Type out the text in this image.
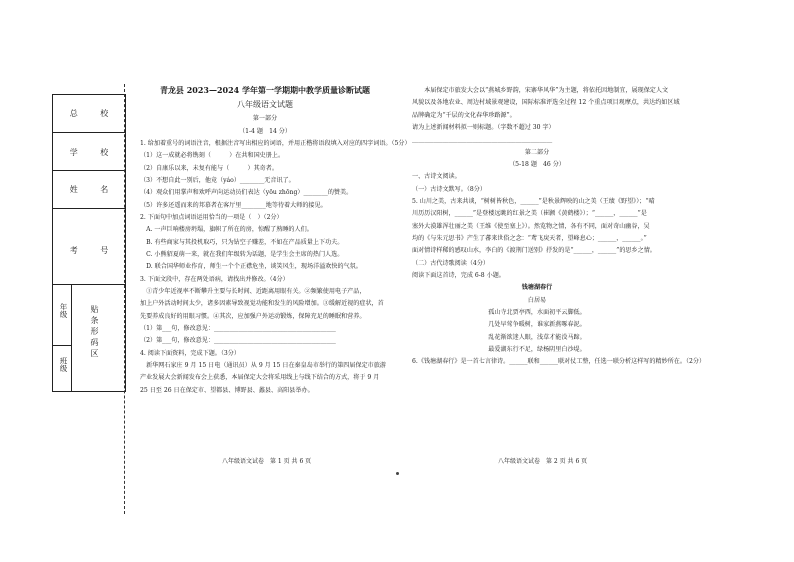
总 校
学 校
姓 名
考 号
年级
班级
贴条形码区

青龙县 2023—2024 学年第一学期期中教学质量诊断试题

八年级语文试题

第一部分

（1-4 题　14 分）

1. 给加着重号的词语注音，根据注音写出相应的词语，并用正楷将语段填入对应的四字词语。（5分）

（1）这一成就必将镌刻（　　　）在共和国史册上。

（2）自康乐以来，未复有能与（　　　）其奇者。

（3）不想自此一别后，他竟（yáo）________无音讯了。

（4）观众们用掌声和欢呼声向运动员们表达（yōu zhōng）________的赞美。

（5）许多还遥而来的邦慕者在客厅里________地等待着大师的接见。

2. 下面句中加点词语运用恰当的一项是（　）（2分）

　A. 一声巨响楼房坍塌，旗帜了所在的房，惊醒了熟睡的人们。

　B. 有些商家与其投机取巧，只为钻空子赚差，不如在产品质量上下功夫。

　C. 小熊貂夏萌一来，就在我们年级转为话题，是学生会主席的热门人选。

　D. 联合国华师业作育，师生一个个正襟危坐，谈笑风生，现场洋溢欢快的气氛。

3. 下面文段中，存在两处语病，请找出并修改。（4分）

　①青少年近视率不断攀升主要与长时间、近距离用眼有关。②频繁使用电子产品，

加上户外活动时间太少，诸多因素导致视觉功能和发生的风险增加。③缓解近视的症状，首

先要养成良好的用眼习惯。④其次，应加强户外运动锻炼，保障充足的睡眠和营养。

（1）第___句，修改意见：________________________________________

（2）第___句，修改意见：________________________________________

4. 阅读下面资料，完成下题。（3分）

　新华网石家庄 9 月 15 日电（通讯员）从 9 月 15 日在秦皇岛市举行的第四届保定市旅游

产业发展大会新闻发布会上获悉，本届保定大会将采用线上与线下结合的方式，将于 9 月

25 日至 26 日在保定市、望都县、博野县、蠡县、高阳县举办。

八年级语文试卷　第 1 页 共 6 页

　　本届保定市旅发大会以“燕城乡野韵，宋寨华风华”为主题，将依托因地制宜，展现保定人文

风貌以及各地农业、周边村域景观建设，国际标准评选全过程 12 个重点项目观摩点，共达约如区域

品牌确定为“千层的文化春华珍路源”。

请为上述新闻材料拟一则标题。（字数不超过 30 字）

______________________________________________

第二部分

（5-18 题　46 分）

一、古诗文阅读。

（一）古诗文默写。（8分）

5. 山川之美，古来共谈，“树树皆秋色，______”是秋景辉映的山之美（王绩《野望》）；“晴

川历历汉阳树，______”是登楼远眺的红景之美（崔颢《黄鹤楼》）；“______，______”是

塞外大漠雄浑壮丽之美（王维《使至塞上》）。然览物之情，各有不同，面对奇山幽谷，吴

均的《与朱元思书》产生了蕃来世俗之念：“鸢飞戾天者，望峰息心；______，______。”

面对情诗样稀的感叹山水，李白的《渡荆门送别》抒发的是“______，______”的思乡之情。

（二）古代诗歌阅读（4分）

阅读下面这首诗，完成 6-8 小题。

钱塘湖春行

白居易

孤山寺北贾亭西，水面初平云脚低。

几处早莺争暖树，谁家新燕啄春泥。

乱花渐欲迷人眼，浅草才能没马蹄。

最爱湖东行不足，绿杨阴里白沙堤。

6.《钱塘湖春行》是一首七言律诗。______联和______联对仗工整，任选一联分析这样写的精妙所在。（2分）

八年级语文试卷　第 2 页 共 6 页
